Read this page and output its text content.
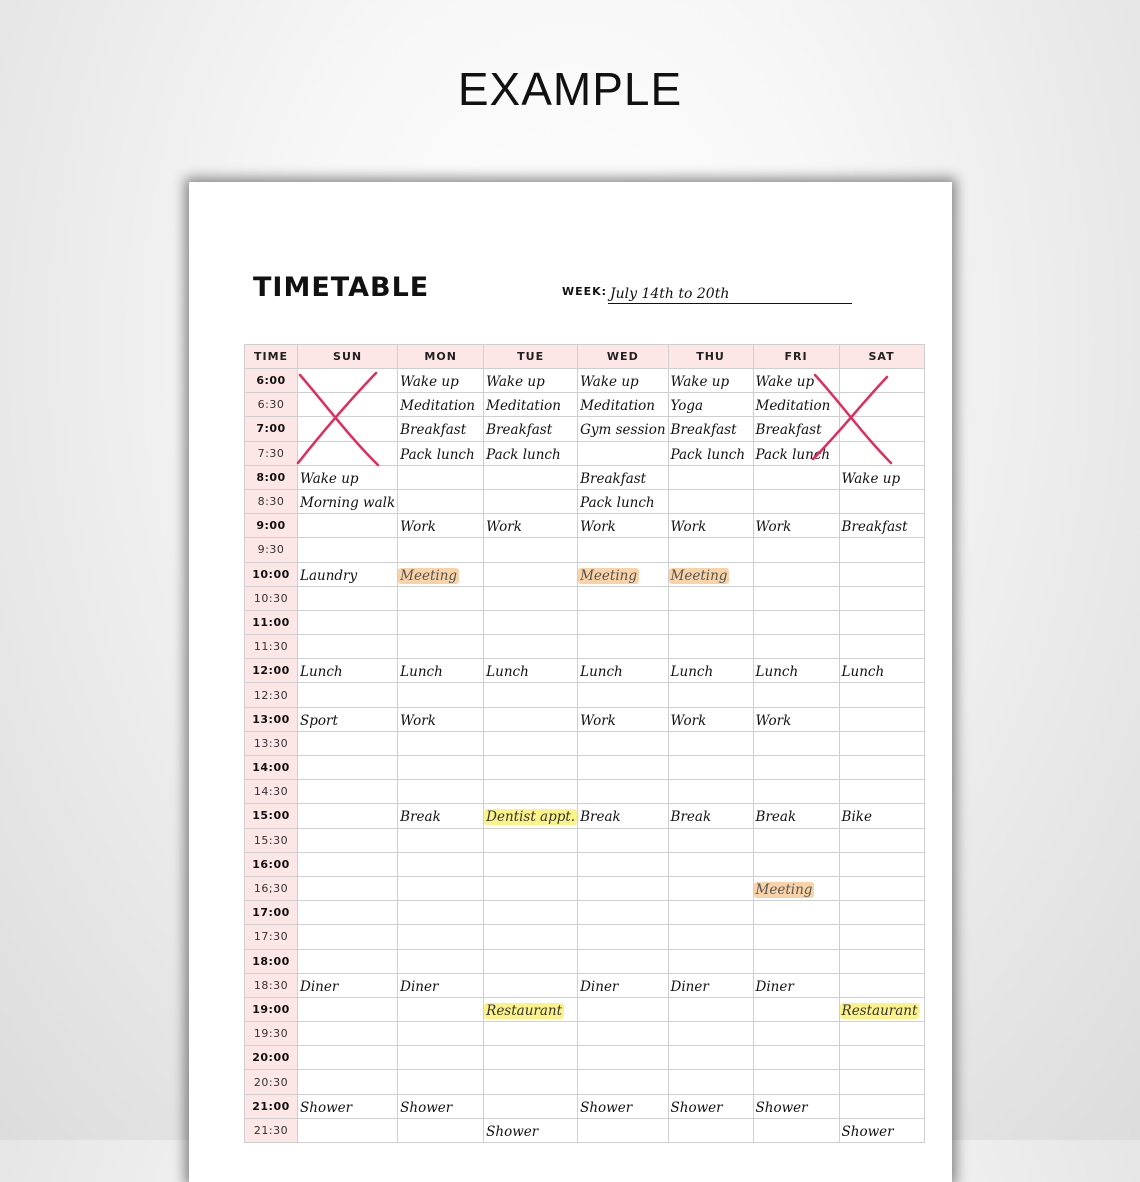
EXAMPLE
TIMETABLE	WEEK: July 14th to 20th
TIME	SUN	MON	TUE	WED	THU	FRI	SAT
6:00		Wake up	Wake up	Wake up	Wake up	Wake up	
6:30		Meditation	Meditation	Meditation	Yoga	Meditation	
7:00		Breakfast	Breakfast	Gym session	Breakfast	Breakfast	
7:30		Pack lunch	Pack lunch		Pack lunch	Pack lunch	
8:00	Wake up			Breakfast			Wake up
8:30	Morning walk			Pack lunch			
9:00		Work	Work	Work	Work	Work	Breakfast
9:30							
10:00	Laundry	Meeting		Meeting	Meeting		
10:30							
11:00							
11:30							
12:00	Lunch	Lunch	Lunch	Lunch	Lunch	Lunch	Lunch
12:30							
13:00	Sport	Work		Work	Work	Work	
13:30							
14:00							
14:30							
15:00		Break	Dentist appt.	Break	Break	Break	Bike
15:30							
16:00							
16;30						Meeting	
17:00							
17:30							
18:00							
18:30	Diner	Diner		Diner	Diner	Diner	
19:00			Restaurant				Restaurant
19:30							
20:00							
20:30							
21:00	Shower	Shower		Shower	Shower	Shower	
21:30			Shower				Shower
